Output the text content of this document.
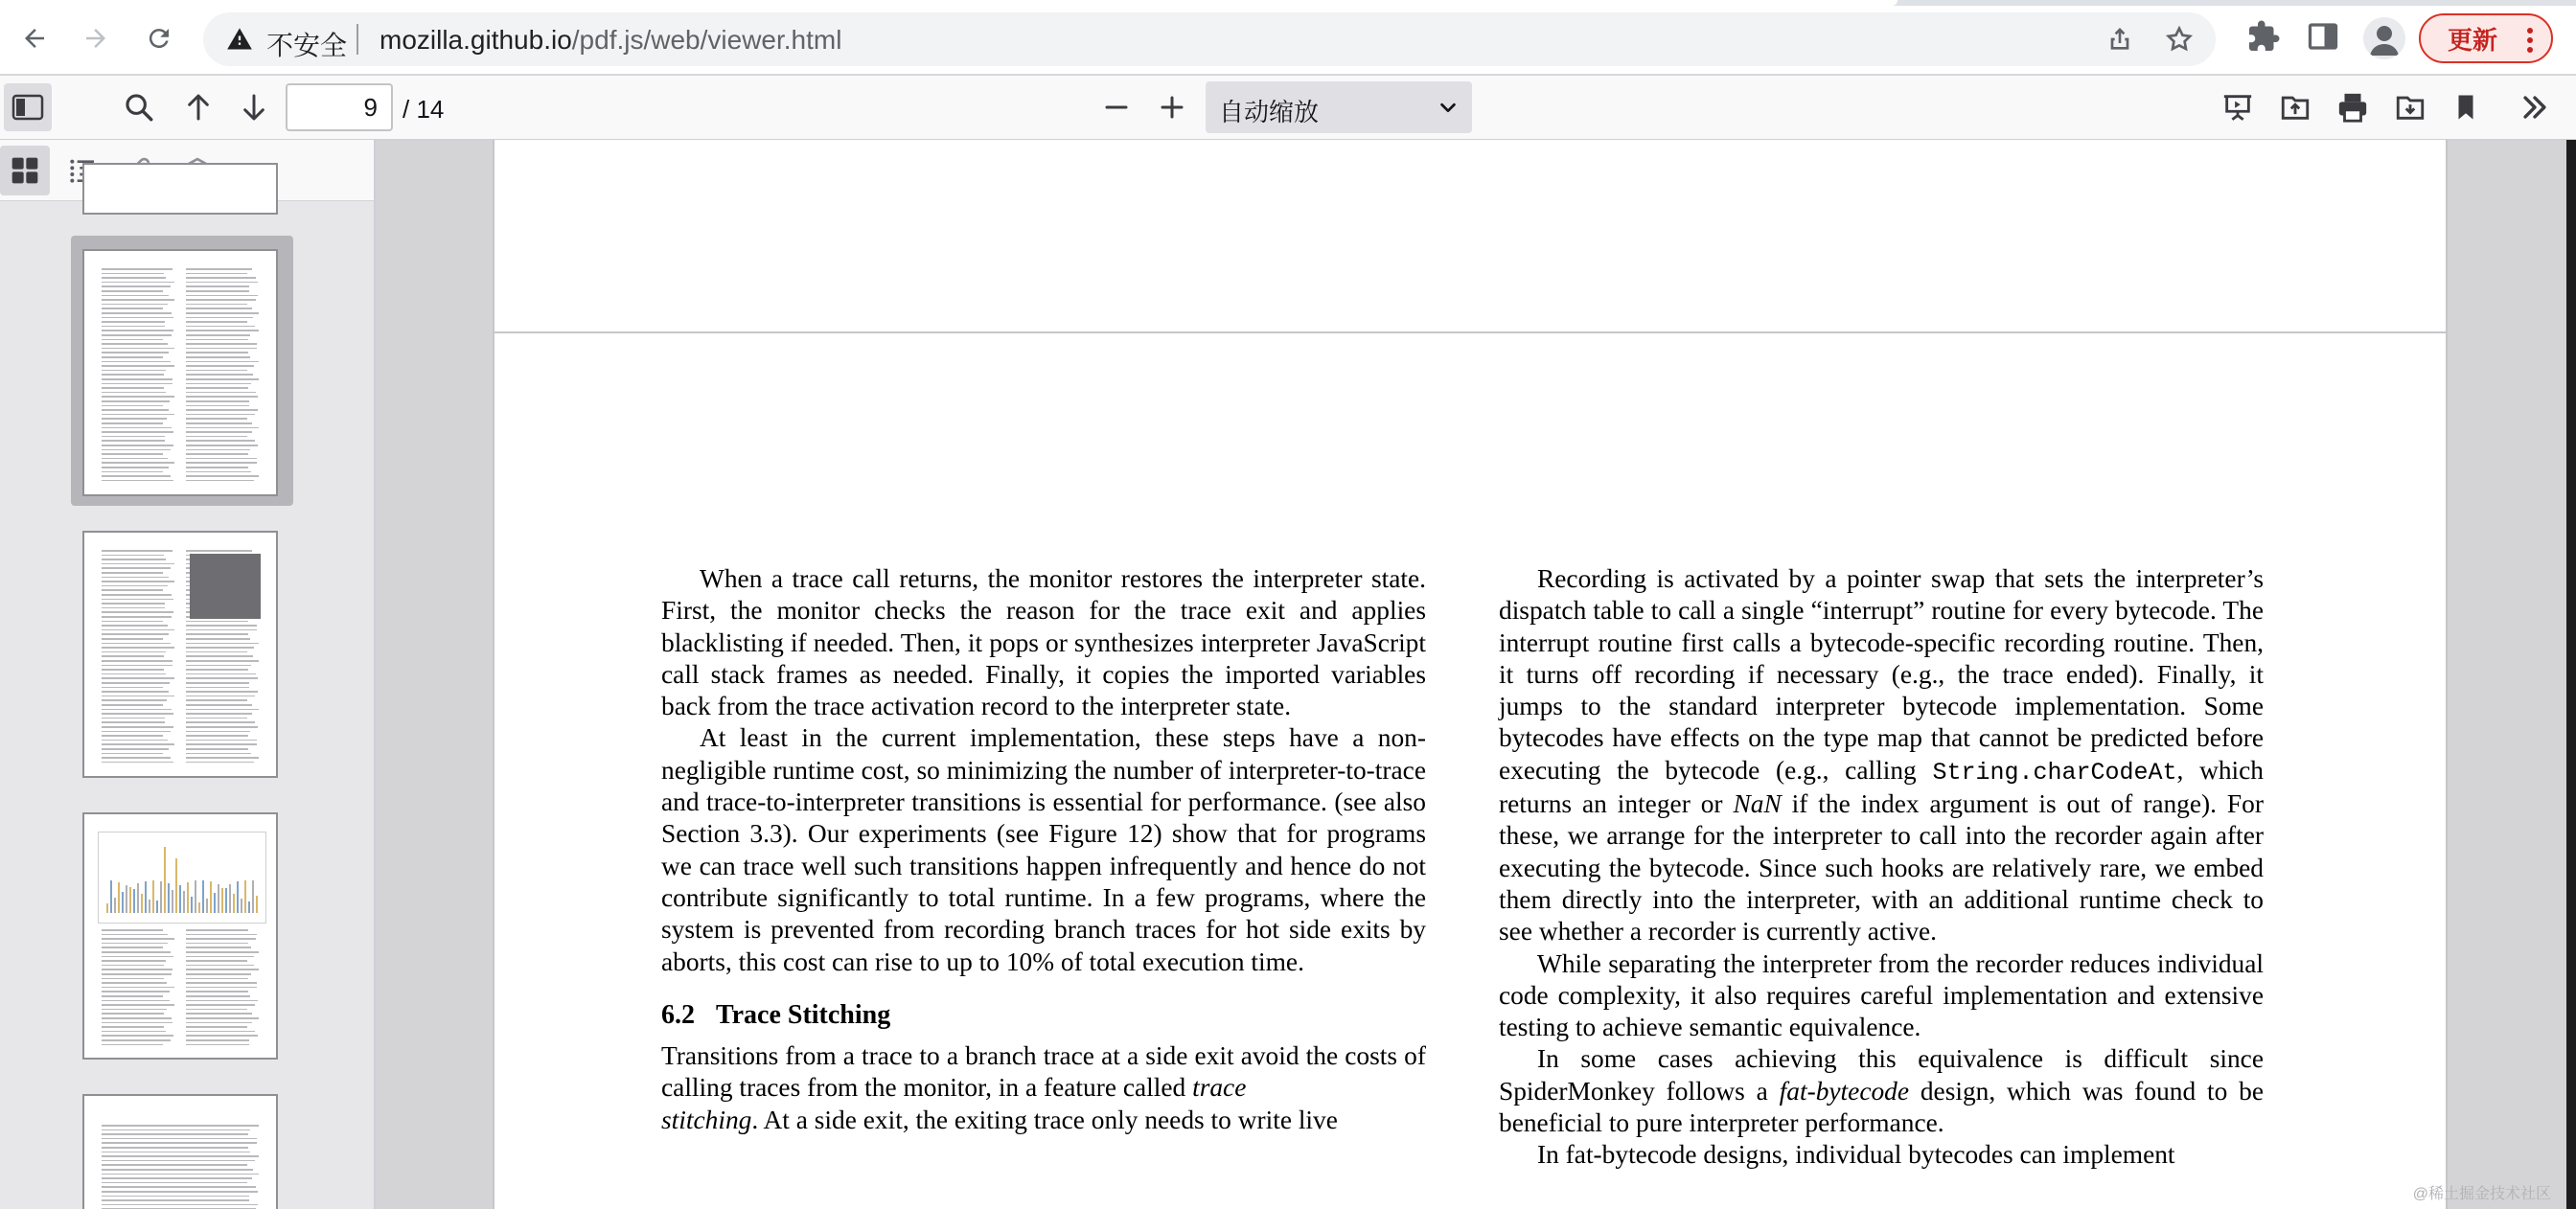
不安全 mozilla.github.io/pdf.js/web/viewer.html	更新
9	/ 14	自动缩放

When a trace call returns, the monitor restores the interpreter state. First, the monitor checks the reason for the trace exit and applies blacklisting if needed. Then, it pops or synthesizes interpreter JavaScript call stack frames as needed. Finally, it copies the imported variables back from the trace activation record to the interpreter state.

At least in the current implementation, these steps have a non-negligible runtime cost, so minimizing the number of interpreter-to-trace and trace-to-interpreter transitions is essential for performance. (see also Section 3.3). Our experiments (see Figure 12) show that for programs we can trace well such transitions happen infrequently and hence do not contribute significantly to total runtime. In a few programs, where the system is prevented from recording branch traces for hot side exits by aborts, this cost can rise to up to 10% of total execution time.

6.2 Trace Stitching

Transitions from a trace to a branch trace at a side exit avoid the costs of calling traces from the monitor, in a feature called trace
stitching. At a side exit, the exiting trace only needs to write live

Recording is activated by a pointer swap that sets the interpreter’s dispatch table to call a single “interrupt” routine for every bytecode. The interrupt routine first calls a bytecode-specific recording routine. Then, it turns off recording if necessary (e.g., the trace ended). Finally, it jumps to the standard interpreter bytecode implementation. Some bytecodes have effects on the type map that cannot be predicted before executing the bytecode (e.g., calling String.charCodeAt, which returns an integer or NaN if the index argument is out of range). For these, we arrange for the interpreter to call into the recorder again after executing the bytecode. Since such hooks are relatively rare, we embed them directly into the interpreter, with an additional runtime check to see whether a recorder is currently active.

While separating the interpreter from the recorder reduces individual code complexity, it also requires careful implementation and extensive testing to achieve semantic equivalence.

In some cases achieving this equivalence is difficult since SpiderMonkey follows a fat-bytecode design, which was found to be beneficial to pure interpreter performance.

In fat-bytecode designs, individual bytecodes can implement

@稀土掘金技术社区
